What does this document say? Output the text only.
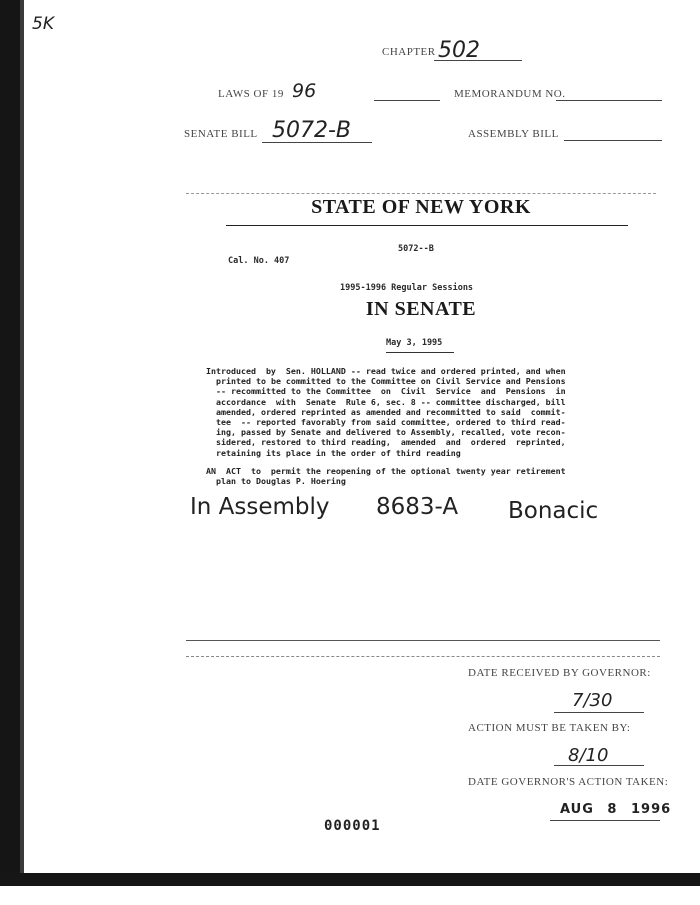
5K
CHAPTER 502
LAWS OF 19 96	MEMORANDUM NO.
SENATE BILL 5072-B	ASSEMBLY BILL
STATE OF NEW YORK
5072--B
Cal. No. 407
1995-1996 Regular Sessions
IN SENATE
May 3, 1995
Introduced  by  Sen. HOLLAND -- read twice and ordered printed, and when
printed to be committed to the Committee on Civil Service and Pensions
-- recommitted to the Committee  on  Civil  Service  and  Pensions  in
accordance  with  Senate  Rule 6, sec. 8 -- committee discharged, bill
amended, ordered reprinted as amended and recommitted to said  commit-
tee  -- reported favorably from said committee, ordered to third read-
ing, passed by Senate and delivered to Assembly, recalled, vote recon-
sidered, restored to third reading,  amended  and  ordered  reprinted,
retaining its place in the order of third reading
AN  ACT  to  permit the reopening of the optional twenty year retirement
plan to Douglas P. Hoering
In Assembly 8683-A Bonacic
DATE RECEIVED BY GOVERNOR:
7/30
ACTION MUST BE TAKEN BY:
8/10
DATE GOVERNOR'S ACTION TAKEN:
AUG 8 1996
000001
